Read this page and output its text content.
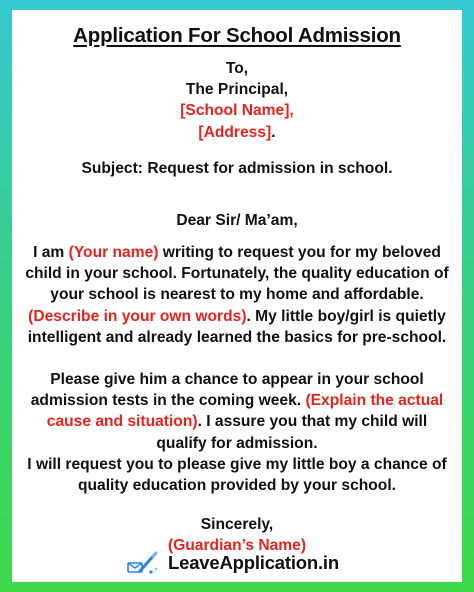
Application For School Admission
To,
The Principal,
[School Name],
[Address].
Subject: Request for admission in school.
Dear Sir/ Ma’am,
I am (Your name) writing to request you for my beloved
child in your school. Fortunately, the quality education of
your school is nearest to my home and affordable.
(Describe in your own words). My little boy/girl is quietly
intelligent and already learned the basics for pre-school.
Please give him a chance to appear in your school
admission tests in the coming week. (Explain the actual
cause and situation). I assure you that my child will
qualify for admission.
I will request you to please give my little boy a chance of
quality education provided by your school.
Sincerely,
(Guardian’s Name)
LeaveApplication.in
